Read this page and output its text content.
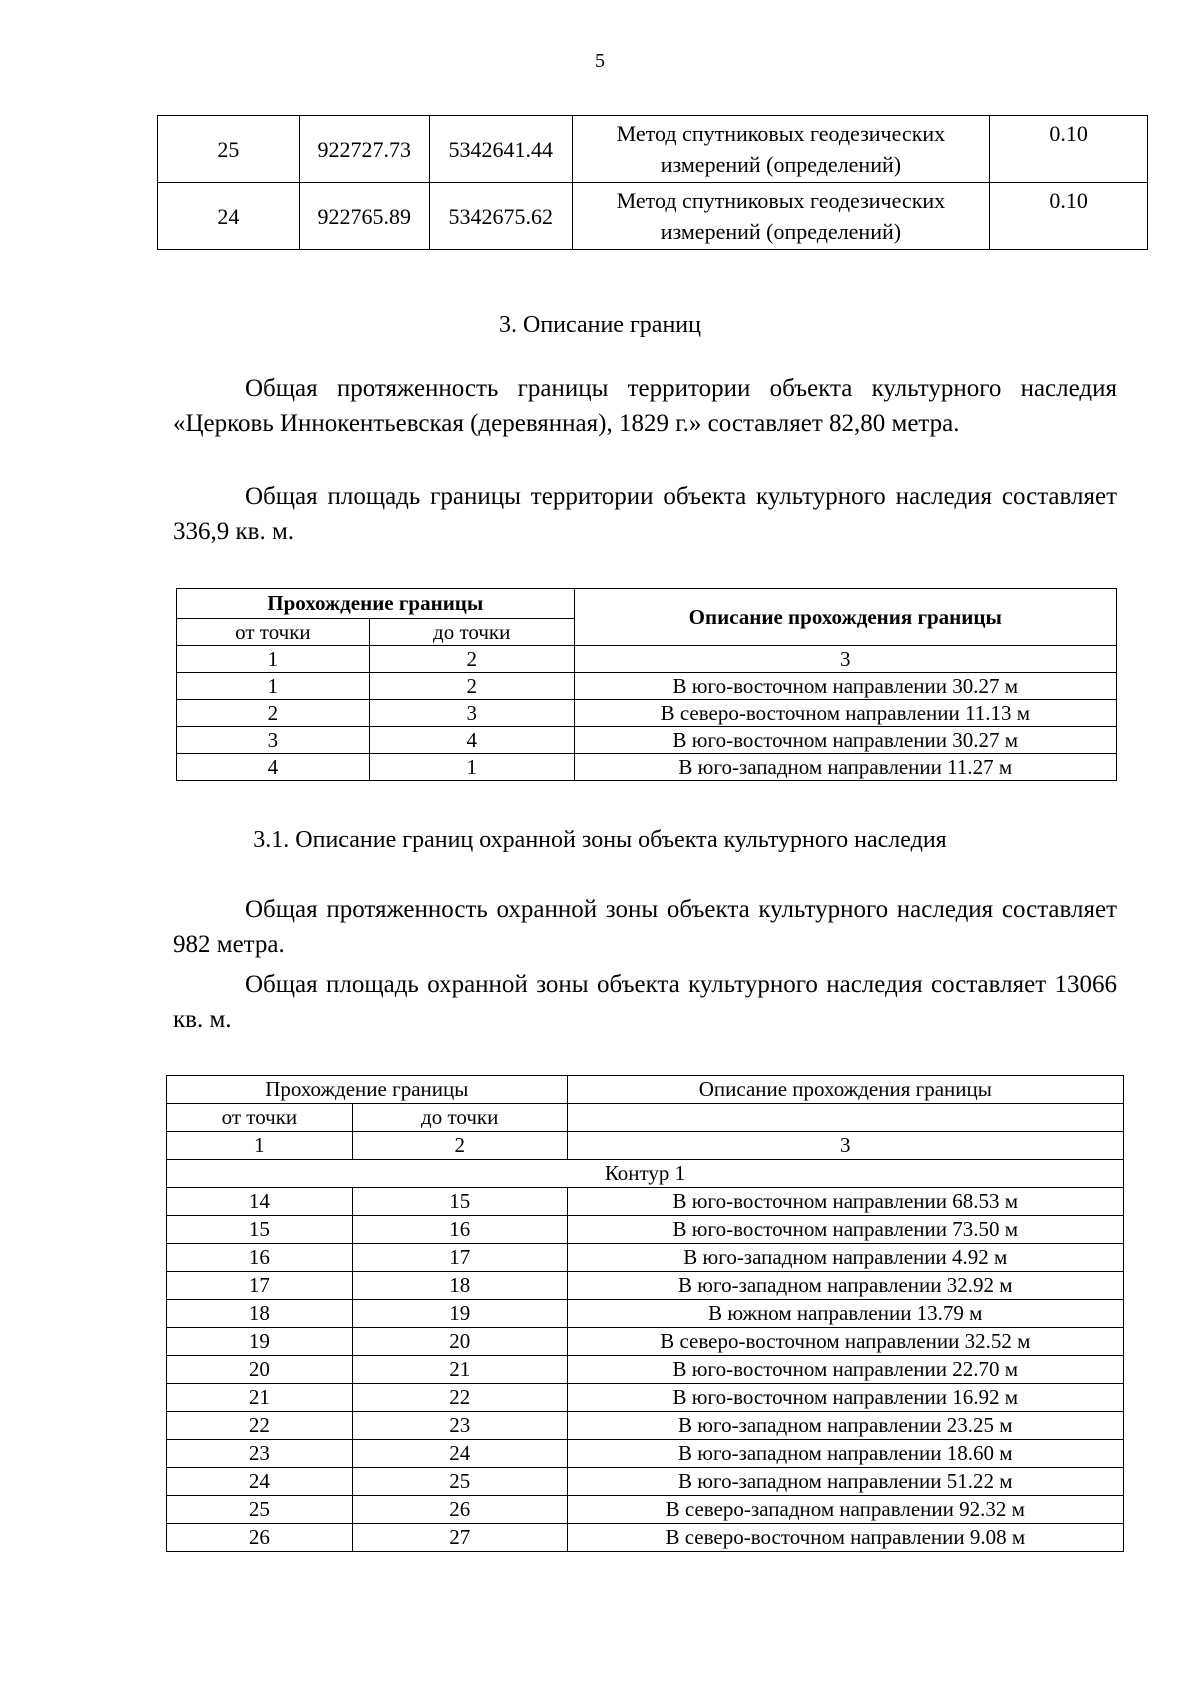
5
25	922727.73	5342641.44	Метод спутниковых геодезических измерений (определений)	0.10
24	922765.89	5342675.62	Метод спутниковых геодезических измерений (определений)	0.10
3. Описание границ

Общая протяженность границы территории объекта культурного наследия «Церковь Иннокентьевская (деревянная), 1829 г.» составляет 82,80 метра.

Общая площадь границы территории объекта культурного наследия составляет 336,9 кв. м.

Прохождение границы		Описание прохождения границы
от точки	до точки	
1	2	3
1	2	В юго-восточном направлении 30.27 м
2	3	В северо-восточном направлении 11.13 м
3	4	В юго-восточном направлении 30.27 м
4	1	В юго-западном направлении 11.27 м
3.1. Описание границ охранной зоны объекта культурного наследия

Общая протяженность охранной зоны объекта культурного наследия составляет 982 метра.

Общая площадь охранной зоны объекта культурного наследия составляет 13066 кв. м.

Прохождение границы		Описание прохождения границы
от точки	до точки	
1	2	3
Контур 1		
14	15	В юго-восточном направлении 68.53 м
15	16	В юго-восточном направлении 73.50 м
16	17	В юго-западном направлении 4.92 м
17	18	В юго-западном направлении 32.92 м
18	19	В южном направлении 13.79 м
19	20	В северо-восточном направлении 32.52 м
20	21	В юго-восточном направлении 22.70 м
21	22	В юго-восточном направлении 16.92 м
22	23	В юго-западном направлении 23.25 м
23	24	В юго-западном направлении 18.60 м
24	25	В юго-западном направлении 51.22 м
25	26	В северо-западном направлении 92.32 м
26	27	В северо-восточном направлении 9.08 м
